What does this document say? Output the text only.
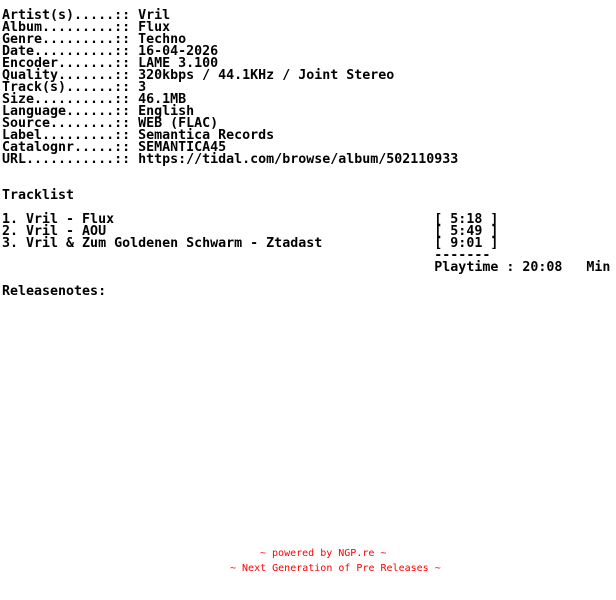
Artist(s).....:: Vril
Album.........:: Flux
Genre.........:: Techno
Date..........:: 16-04-2026
Encoder.......:: LAME 3.100
Quality.......:: 320kbps / 44.1KHz / Joint Stereo
Track(s)......:: 3
Size..........:: 46.1MB
Language......:: English
Source........:: WEB (FLAC)
Label.........:: Semantica Records
Catalognr.....:: SEMANTICA45
URL...........:: https://tidal.com/browse/album/502110933

Tracklist

1. Vril - Flux                                        [ 5:18 ]
2. Vril - AOU                                         [ 5:49 ]
3. Vril & Zum Goldenen Schwarm - Ztadast              [ 9:01 ]
-------
Playtime : 20:08   Min

Releasenotes:
~ powered by NGP.re ~
~ Next Generation of Pre Releases ~
